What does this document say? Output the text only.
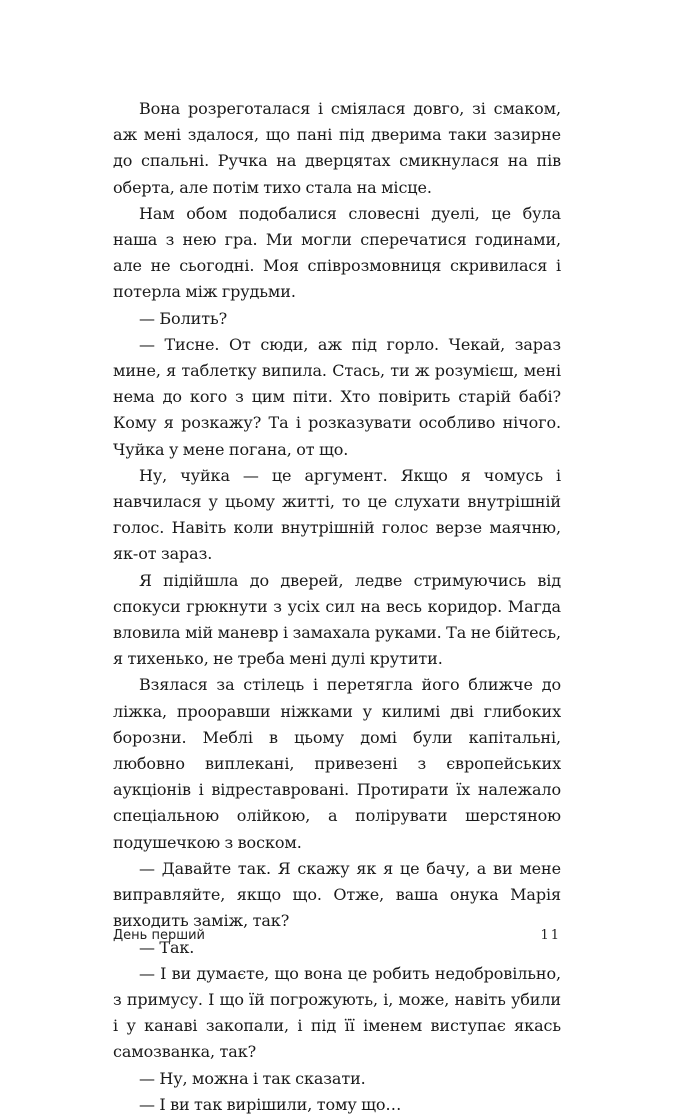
Вона розреготалася і сміялася довго, зі смаком, аж мені здалося, що пані під дверима таки зазирне до спальні. Ручка на дверцятах смикнулася на пів оберта, але потім тихо стала на місце.

Нам обом подобалися словесні дуелі, це була наша з нею гра. Ми могли сперечатися годинами, але не сьогодні. Моя співрозмовниця скривилася і потерла між грудьми.

— Болить?

— Тисне. От сюди, аж під горло. Чекай, зараз мине, я таблетку випила. Стась, ти ж розумієш, мені нема до кого з цим піти. Хто повірить старій бабі? Кому я розкажу? Та і розказувати особливо нічого. Чуйка у мене погана, от що.

Ну, чуйка — це аргумент. Якщо я чомусь і навчилася у цьому житті, то це слухати внутрішній голос. Навіть коли внутрішній голос верзе маячню, як-от зараз.

Я підійшла до дверей, ледве стримуючись від спокуси грюкнути з усіх сил на весь коридор. Магда вловила мій маневр і замахала руками. Та не бійтесь, я тихенько, не треба мені дулі крутити.

Взялася за стілець і перетягла його ближче до ліжка, прооравши ніжками у килимі дві глибоких борозни. Меблі в цьому домі були капітальні, любовно виплекані, привезені з європейських аукціонів і відреставровані. Протирати їх належало спеціальною олійкою, а полірувати шерстяною подушечкою з воском.

— Давайте так. Я скажу як я це бачу, а ви мене виправляйте, якщо що. Отже, ваша онука Марія виходить заміж, так?

— Так.

— І ви думаєте, що вона це робить недобровільно, з примусу. І що їй погрожують, і, може, навіть убили і у канаві закопали, і під її іменем виступає якась самозванка, так?

— Ну, можна і так сказати.

— І ви так вирішили, тому що…

День перший	11
